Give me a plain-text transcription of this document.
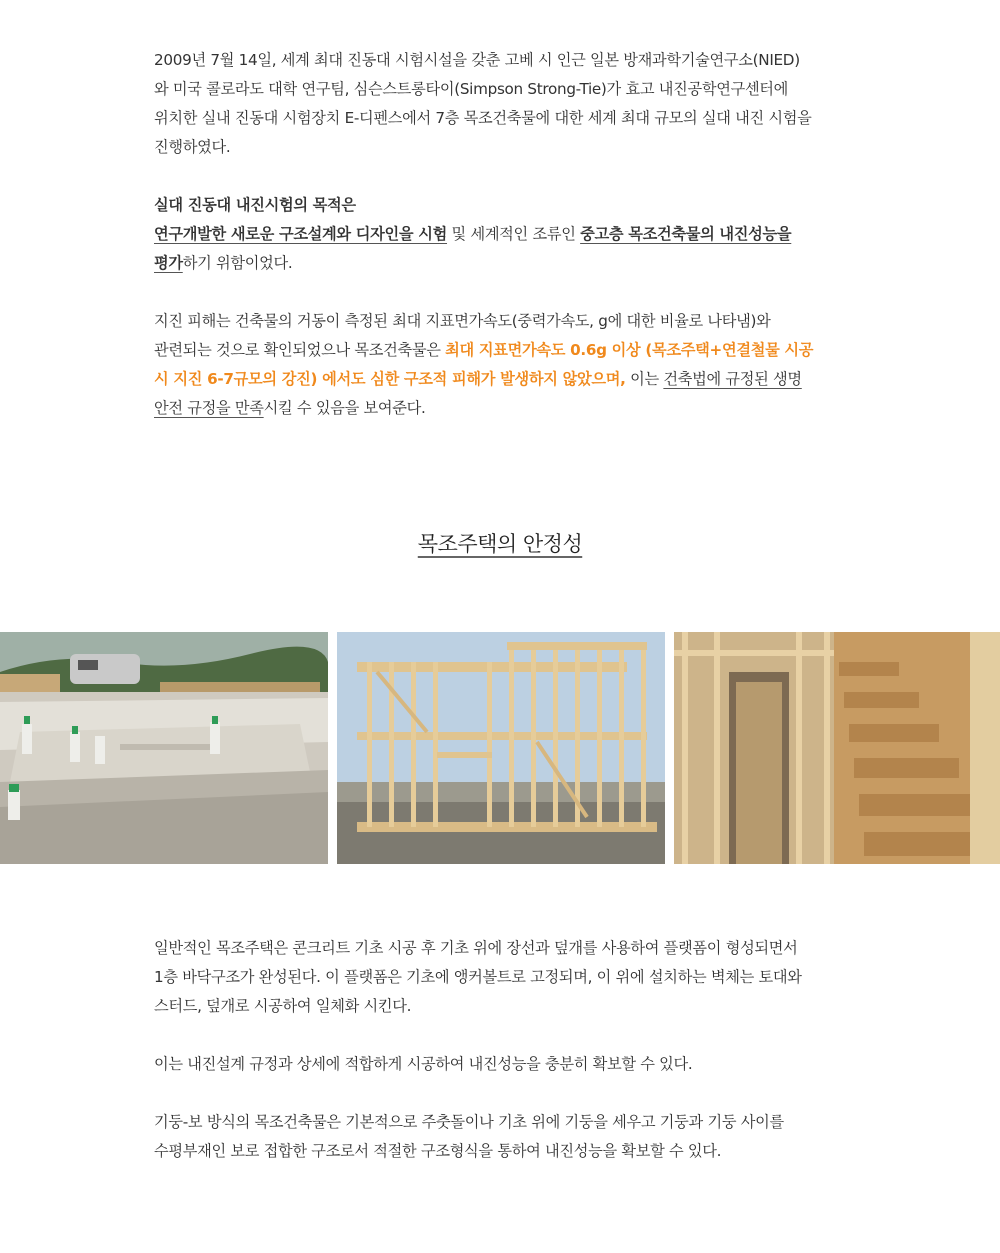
2009년 7월 14일, 세계 최대 진동대 시험시설을 갖춘 고베 시 인근 일본 방재과학기술연구소(NIED)
와 미국 콜로라도 대학 연구팀, 심슨스트롱타이(Simpson Strong-Tie)가 효고 내진공학연구센터에
위치한 실내 진동대 시험장치 E-디펜스에서 7층 목조건축물에 대한 세계 최대 규모의 실대 내진 시험을
진행하였다.

실대 진동대 내진시험의 목적은
연구개발한 새로운 구조설계와 디자인을 시험 및 세계적인 조류인 중고층 목조건축물의 내진성능을
평가하기 위함이었다.

지진 피해는 건축물의 거동이 측정된 최대 지표면가속도(중력가속도, g에 대한 비율로 나타냄)와
관련되는 것으로 확인되었으나 목조건축물은 최대 지표면가속도 0.6g 이상 (목조주택+연결철물 시공
시 지진 6-7규모의 강진) 에서도 심한 구조적 피해가 발생하지 않았으며, 이는 건축법에 규정된 생명
안전 규정을 만족시킬 수 있음을 보여준다.

목조주택의 안정성

일반적인 목조주택은 콘크리트 기초 시공 후 기초 위에 장선과 덮개를 사용하여 플랫폼이 형성되면서
1층 바닥구조가 완성된다. 이 플랫폼은 기초에 앵커볼트로 고정되며, 이 위에 설치하는 벽체는 토대와
스터드, 덮개로 시공하여 일체화 시킨다.

이는 내진설계 규정과 상세에 적합하게 시공하여 내진성능을 충분히 확보할 수 있다.

기둥-보 방식의 목조건축물은 기본적으로 주춧돌이나 기초 위에 기둥을 세우고 기둥과 기둥 사이를
수평부재인 보로 접합한 구조로서 적절한 구조형식을 통하여 내진성능을 확보할 수 있다.
